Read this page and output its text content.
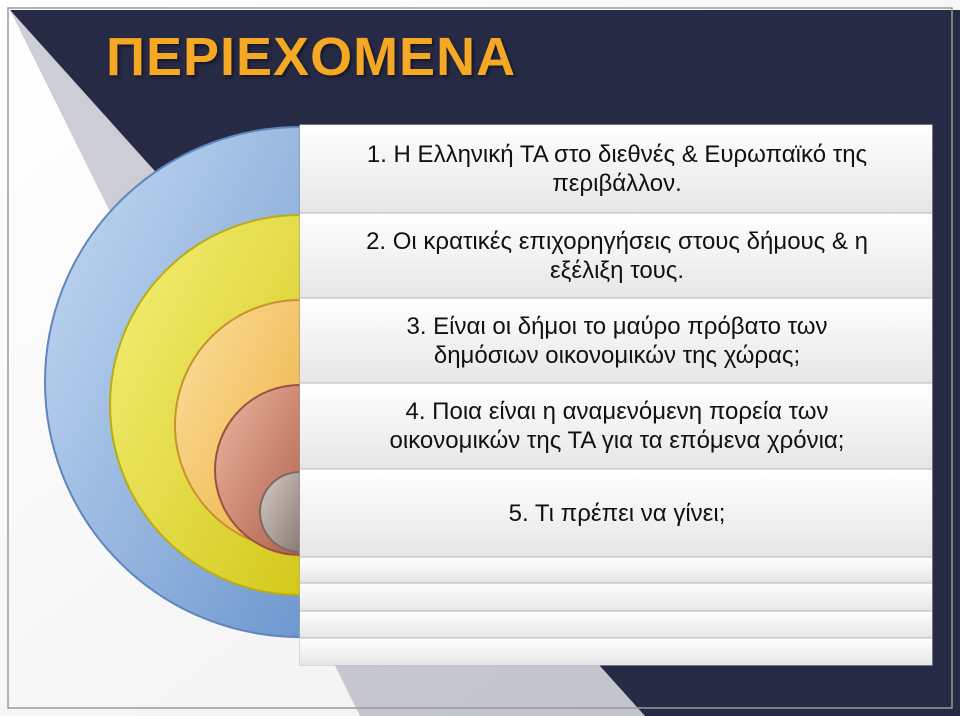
ΠΕΡΙΕΧΟΜΕΝΑ
1. Η Ελληνική ΤΑ στο διεθνές & Ευρωπαϊκό της
περιβάλλον.
2. Οι κρατικές επιχορηγήσεις στους δήμους & η
εξέλιξη τους.
3. Είναι οι δήμοι το μαύρο πρόβατο των
δημόσιων οικονομικών της χώρας;
4. Ποια είναι η αναμενόμενη πορεία των
οικονομικών της ΤΑ για τα επόμενα χρόνια;
5. Τι πρέπει να γίνει;
